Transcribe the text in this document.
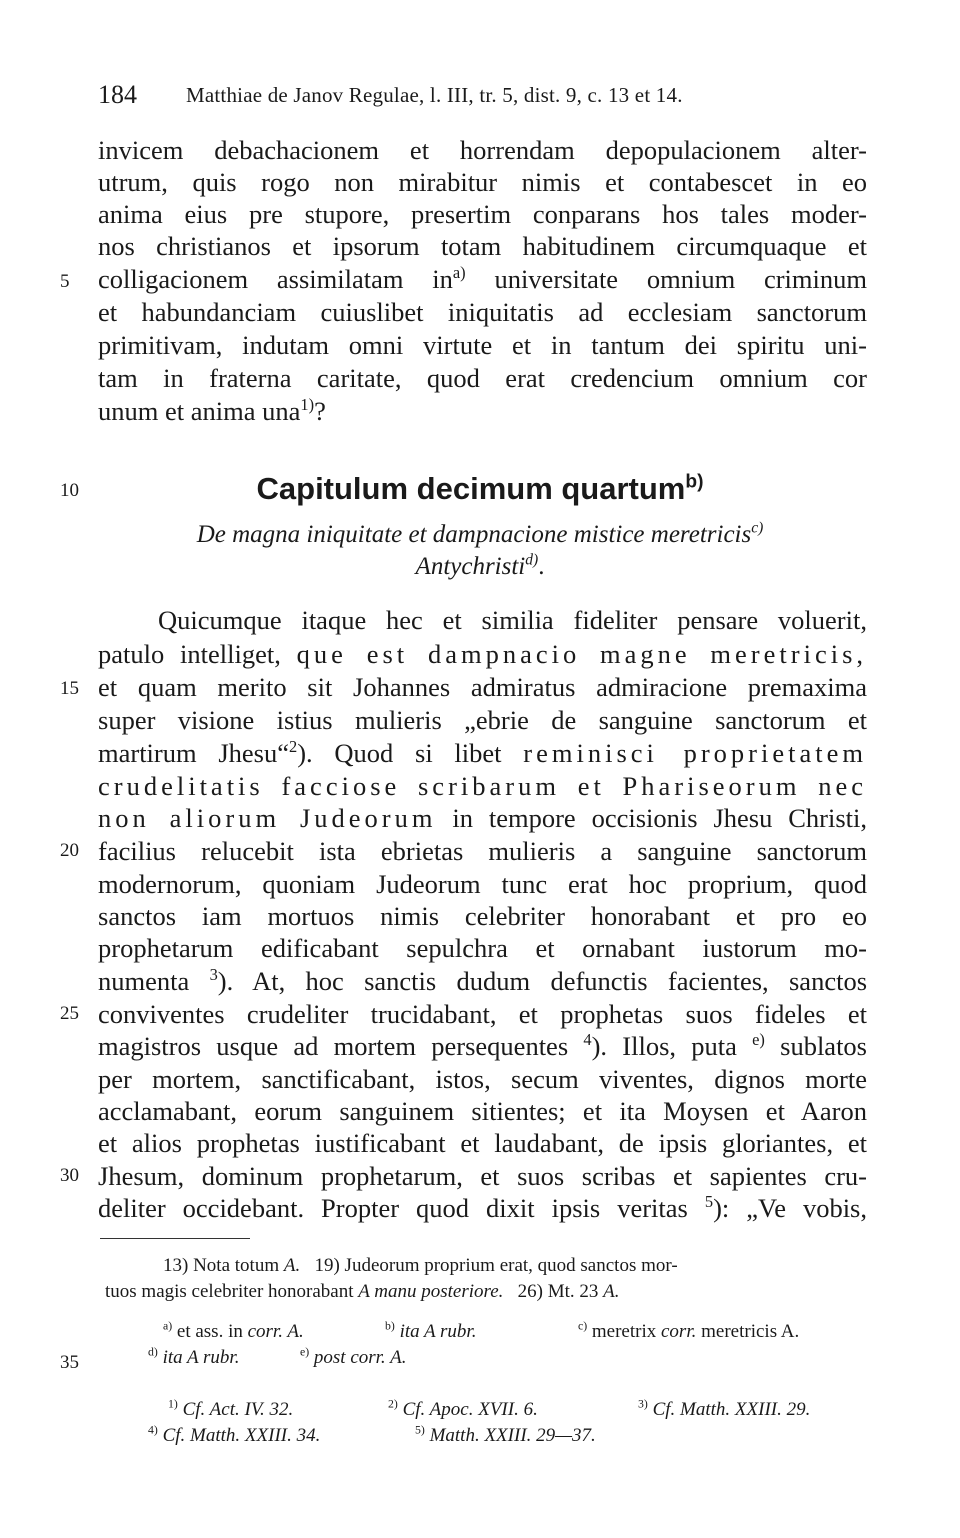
184 Matthiae de Janov Regulae, l. III, tr. 5, dist. 9, c. 13 et 14.
5
10
15
20
25
30
35
invicem debachacionem et horrendam depopulacionem alter-
utrum, quis rogo non mirabitur nimis et contabescet in eo
anima eius pre stupore, presertim conparans hos tales moder-
nos christianos et ipsorum totam habitudinem circumquaque et
colligacionem assimilatam $in^{a)}$ universitate omnium criminum
et habundanciam cuiuslibet iniquitatis ad ecclesiam sanctorum
primitivam, indutam omni virtute et in tantum dei spiritu uni-
tam in fraterna caritate, quod erat credencium omnium cor
unum et anima una$^{1)}$?
Capitulum decimum quartum$^{b)}$
De magna iniquitate et dampnacione mistice meretricis$^{c)}$
Antychristi$^{d)}$.
Quicumque itaque hec et similia fideliter pensare voluerit,
patulo intelliget, que est dampnacio magne meretricis,
et quam merito sit Johannes admiratus admiracione premaxima
super visione istius mulieris „ebrie de sanguine sanctorum et
martirum Jhesu“$^2$). Quod si libet reminisci proprietatem
crudelitatis facciose scribarum et Phariseorum nec
non aliorum Judeorum in tempore occisionis Jhesu Christi,
facilius relucebit ista ebrietas mulieris a sanguine sanctorum
modernorum, quoniam Judeorum tunc erat hoc proprium, quod
sanctos iam mortuos nimis celebriter honorabant et pro eo
prophetarum edificabant sepulchra et ornabant iustorum mo-
numenta $^3$). At, hoc sanctis dudum defunctis facientes, sanctos
conviventes crudeliter trucidabant, et prophetas suos fideles et
magistros usque ad mortem persequentes $^4$). Illos, puta $^{e)}$ sublatos
per mortem, sanctificabant, istos, secum viventes, dignos morte
acclamabant, eorum sanguinem sitientes; et ita Moysen et Aaron
et alios prophetas iustificabant et laudabant, de ipsis gloriantes, et
Jhesum, dominum prophetarum, et suos scribas et sapientes cru-
deliter occidebant. Propter quod dixit ipsis veritas $^5$): „Ve vobis,
13) Nota totum A.   19) Judeorum proprium erat, quod sanctos mor-
tuos magis celebriter honorabant A manu posteriore.   26) Mt. 23 A.
$^{a)}$ et ass. in corr. A.	$^{b)}$ ita A rubr.	$^{c)}$ meretrix corr. meretricis A.
$^{d)}$ ita A rubr.	$^{e)}$ post corr. A.
$^{1)}$ Cf. Act. IV. 32.	$^{2)}$ Cf. Apoc. XVII. 6.	$^{3)}$ Cf. Matth. XXIII. 29.
$^{4)}$ Cf. Matth. XXIII. 34.	$^{5)}$ Matth. XXIII. 29—37.
